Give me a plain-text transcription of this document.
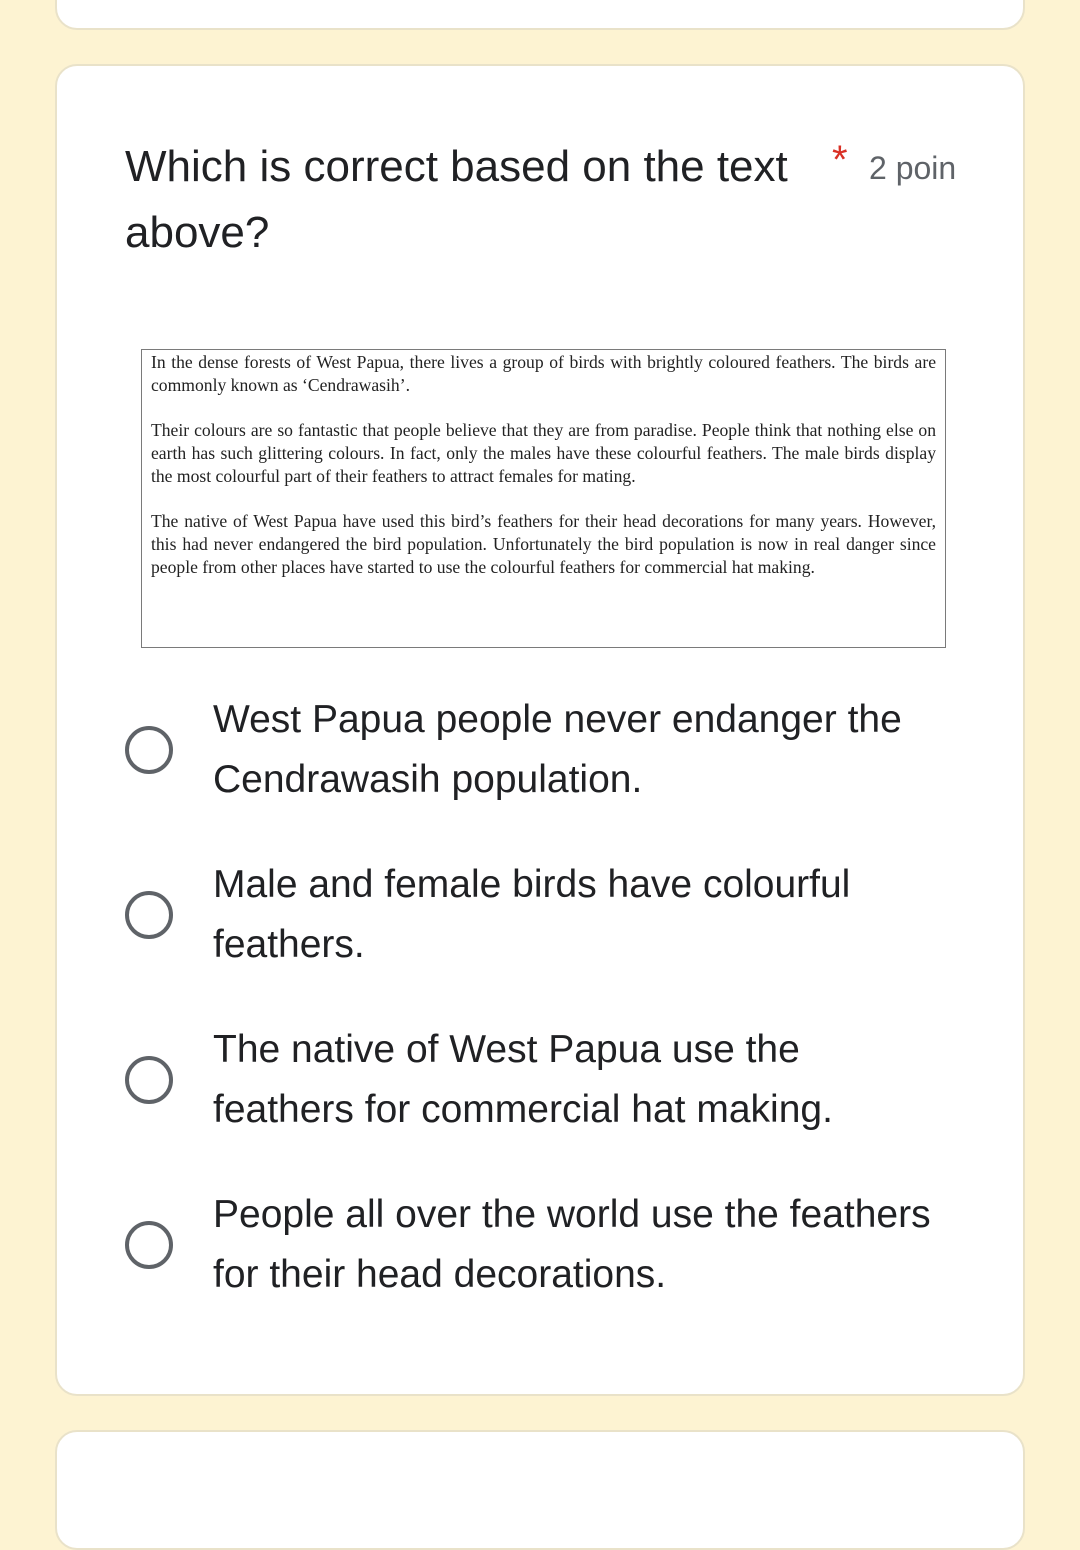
Which is correct based on the text above?
* 2 poin

In the dense forests of West Papua, there lives a group of birds with brightly coloured feathers. The birds are commonly known as ‘Cendrawasih’.

Their colours are so fantastic that people believe that they are from paradise. People think that nothing else on earth has such glittering colours. In fact, only the males have these colourful feathers. The male birds display the most colourful part of their feathers to attract females for mating.

The native of West Papua have used this bird’s feathers for their head decorations for many years. However, this had never endangered the bird population. Unfortunately the bird population is now in real danger since people from other places have started to use the colourful feathers for commercial hat making.

West Papua people never endanger the Cendrawasih population.
Male and female birds have colourful feathers.
The native of West Papua use the feathers for commercial hat making.
People all over the world use the feathers for their head decorations.
